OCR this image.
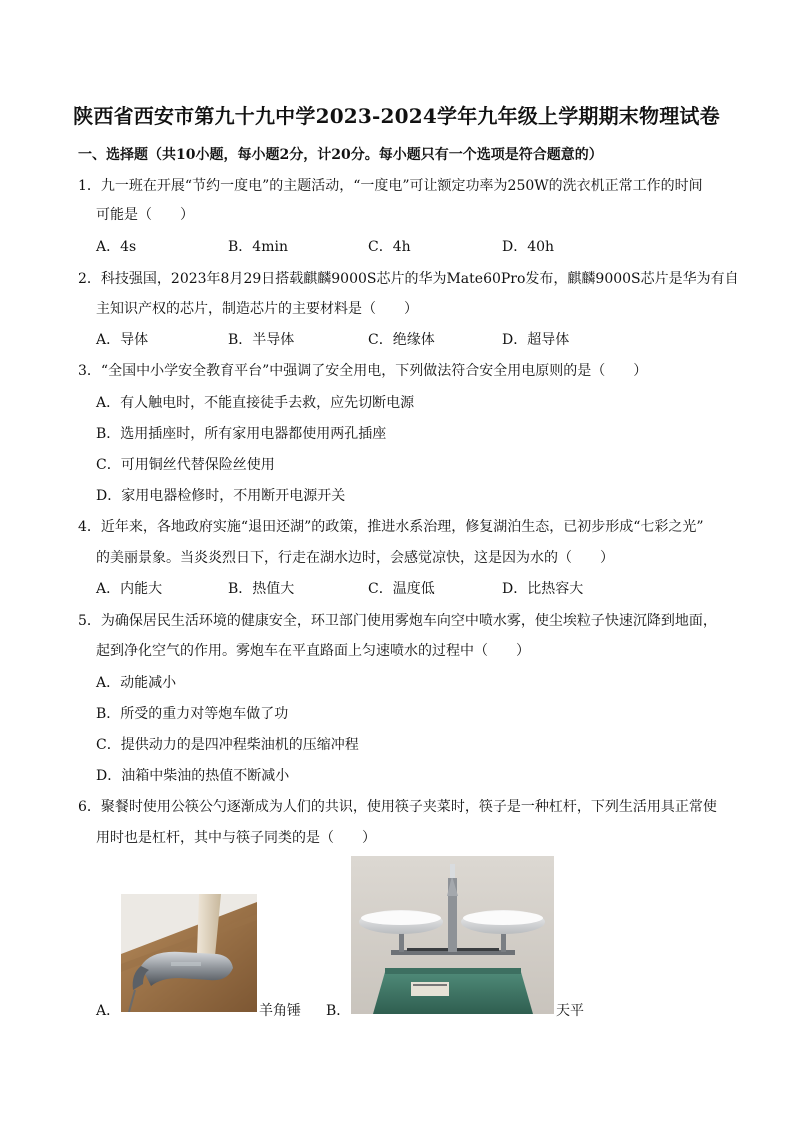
陕西省西安市第九十九中学2023-2024学年九年级上学期期末物理试卷
一、选择题（共10小题，每小题2分，计20分。每小题只有一个选项是符合题意的）
1．九一班在开展“节约一度电”的主题活动，“一度电”可让额定功率为250W的洗衣机正常工作的时间
可能是（　　）
A．4s	B．4min	C．4h	D．40h
2．科技强国，2023年8月29日搭载麒麟9000S芯片的华为Mate60Pro发布，麒麟9000S芯片是华为有自
主知识产权的芯片，制造芯片的主要材料是（　　）
A．导体	B．半导体	C．绝缘体	D．超导体
3．“全国中小学安全教育平台”中强调了安全用电，下列做法符合安全用电原则的是（　　）
A．有人触电时，不能直接徒手去救，应先切断电源
B．选用插座时，所有家用电器都使用两孔插座
C．可用铜丝代替保险丝使用
D．家用电器检修时，不用断开电源开关
4．近年来，各地政府实施“退田还湖”的政策，推进水系治理，修复湖泊生态，已初步形成“七彩之光”
的美丽景象。当炎炎烈日下，行走在湖水边时，会感觉凉快，这是因为水的（　　）
A．内能大	B．热值大	C．温度低	D．比热容大
5．为确保居民生活环境的健康安全，环卫部门使用雾炮车向空中喷水雾，使尘埃粒子快速沉降到地面，
起到净化空气的作用。雾炮车在平直路面上匀速喷水的过程中（　　）
A．动能减小
B．所受的重力对等炮车做了功
C．提供动力的是四冲程柴油机的压缩冲程
D．油箱中柴油的热值不断减小
6．聚餐时使用公筷公勺逐渐成为人们的共识，使用筷子夹菜时，筷子是一种杠杆，下列生活用具正常使
用时也是杠杆，其中与筷子同类的是（　　）
A．	羊角锤 B．	天平
